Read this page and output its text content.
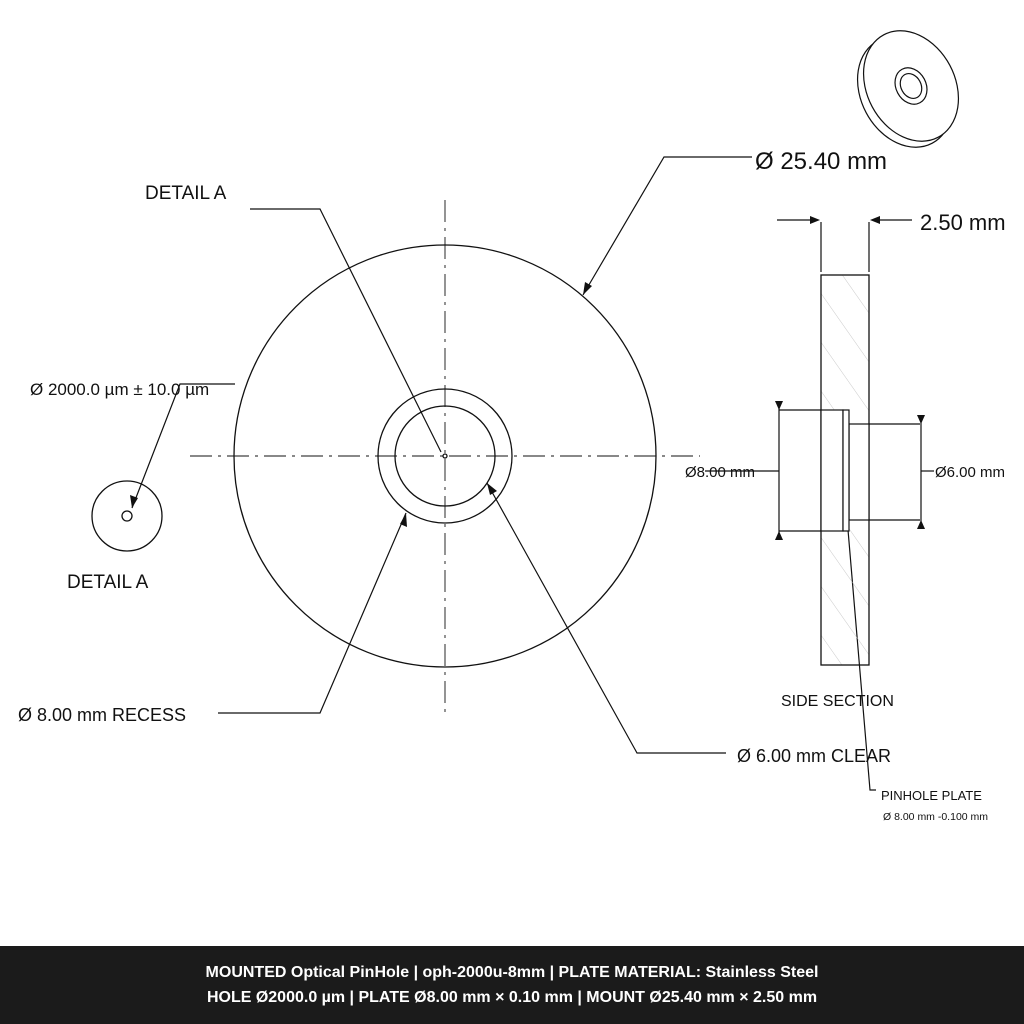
Ø 25.40 mm
2.50 mm
DETAIL A
DETAIL A
Ø 2000.0 µm ± 10.0 µm
Ø 8.00 mm RECESS
Ø 6.00 mm CLEAR
Ø8.00 mm	Ø6.00 mm
SIDE SECTION
PINHOLE PLATE
Ø 8.00 mm -0.100 mm
MOUNTED Optical PinHole | oph-2000u-8mm | PLATE MATERIAL: Stainless Steel
HOLE Ø2000.0 µm | PLATE Ø8.00 mm × 0.10 mm | MOUNT Ø25.40 mm × 2.50 mm
